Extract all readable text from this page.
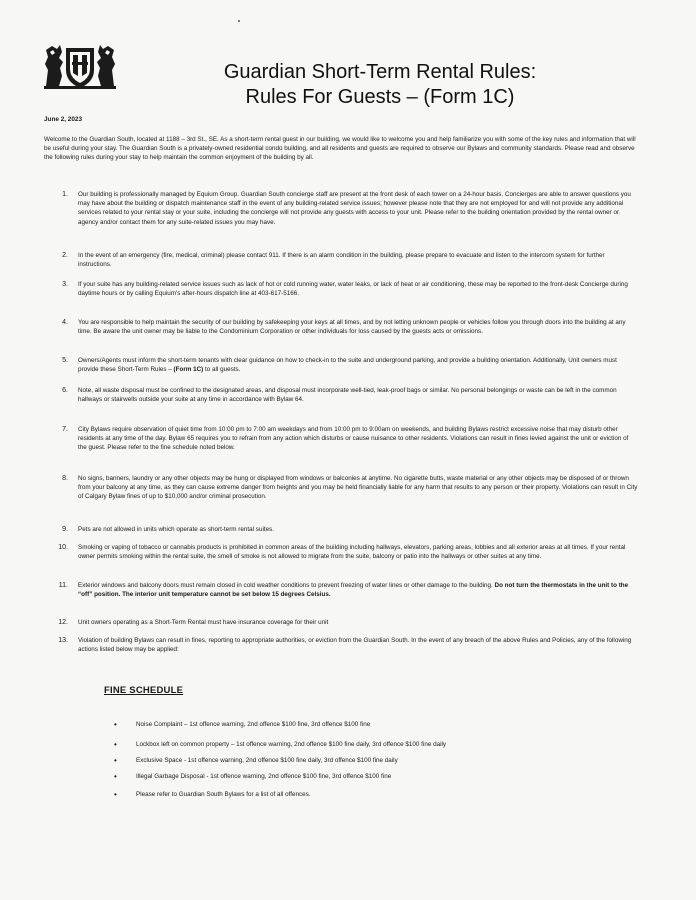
Guardian Short-Term Rental Rules:
Rules For Guests – (Form 1C)
June 2, 2023
Welcome to the Guardian South, located at 1188 – 3rd St., SE. As a short-term rental guest in our building, we would like to welcome you and help familiarize you with some of the key rules and information that will be useful during your stay. The Guardian South is a privately-owned residential condo building, and all residents and guests are required to observe our Bylaws and community standards. Please read and observe the following rules during your stay to help maintain the common enjoyment of the building by all.
1. Our building is professionally managed by Equium Group. Guardian South concierge staff are present at the front desk of each tower on a 24-hour basis. Concierges are able to answer questions you may have about the building or dispatch maintenance staff in the event of any building-related service issues; however please note that they are not employed for and will not provide any additional services related to your rental stay or your suite, including the concierge will not provide any guests with access to your unit. Please refer to the building orientation provided by the rental owner or agency and/or contact them for any suite-related issues you may have.
2. In the event of an emergency (fire, medical, criminal) please contact 911. If there is an alarm condition in the building, please prepare to evacuate and listen to the intercom system for further instructions.
3. If your suite has any building-related service issues such as lack of hot or cold running water, water leaks, or lack of heat or air conditioning, these may be reported to the front-desk Concierge during daytime hours or by calling Equium's after-hours dispatch line at 403-617-5166.
4. You are responsible to help maintain the security of our building by safekeeping your keys at all times, and by not letting unknown people or vehicles follow you through doors into the building at any time. Be aware the unit owner may be liable to the Condominium Corporation or other individuals for loss caused by the guests acts or omissions.
5. Owners/Agents must inform the short-term tenants with clear guidance on how to check-in to the suite and underground parking, and provide a building orientation. Additionally, Unit owners must provide these Short-Term Rules – (Form 1C) to all guests.
6. Note, all waste disposal must be confined to the designated areas, and disposal must incorporate well-tied, leak-proof bags or similar. No personal belongings or waste can be left in the common hallways or stairwells outside your suite at any time in accordance with Bylaw 64.
7. City Bylaws require observation of quiet time from 10:00 pm to 7:00 am weekdays and from 10:00 pm to 9:00am on weekends, and building Bylaws restrict excessive noise that may disturb other residents at any time of the day. Bylaw 65 requires you to refrain from any action which disturbs or cause nuisance to other residents. Violations can result in fines levied against the unit or eviction of the guest. Please refer to the fine schedule noted below.
8. No signs, banners, laundry or any other objects may be hung or displayed from windows or balconies at anytime. No cigarette butts, waste material or any other objects may be disposed of or thrown from your balcony at any time, as they can cause extreme danger from heights and you may be held financially liable for any harm that results to any person or their property. Violations can result in City of Calgary Bylaw fines of up to $10,000 and/or criminal prosecution.
9. Pets are not allowed in units which operate as short-term rental suites.
10. Smoking or vaping of tobacco or cannabis products is prohibited in common areas of the building including hallways, elevators, parking areas, lobbies and all exterior areas at all times. If your rental owner permits smoking within the rental suite, the smell of smoke is not allowed to migrate from the suite, balcony or patio into the hallways or other suites at any time.
11. Exterior windows and balcony doors must remain closed in cold weather conditions to prevent freezing of water lines or other damage to the building. Do not turn the thermostats in the unit to the “off” position. The interior unit temperature cannot be set below 15 degrees Celsius.
12. Unit owners operating as a Short-Term Rental must have insurance coverage for their unit
13. Violation of building Bylaws can result in fines, reporting to appropriate authorities, or eviction from the Guardian South. In the event of any breach of the above Rules and Policies, any of the following actions listed below may be applied:
FINE SCHEDULE
•	Noise Complaint – 1st offence warning, 2nd offence $100 fine, 3rd offence $100 fine
•	Lockbox left on common property – 1st offence warning, 2nd offence $100 fine daily, 3rd offence $100 fine daily
•	Exclusive Space - 1st offence warning, 2nd offence $100 fine daily, 3rd offence $100 fine daily
•	Illegal Garbage Disposal - 1st offence warning, 2nd offence $100 fine, 3rd offence $100 fine
•	Please refer to Guardian South Bylaws for a list of all offences.
